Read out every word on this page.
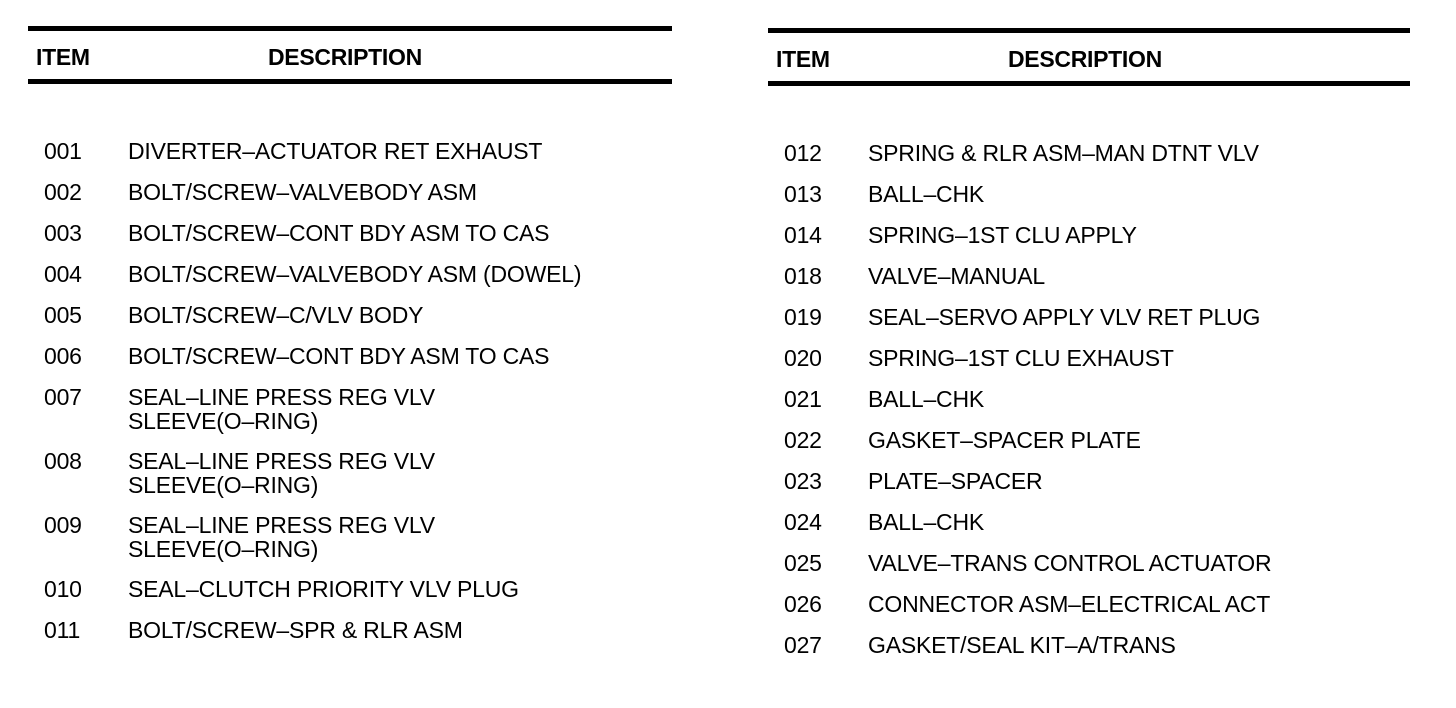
ITEM	DESCRIPTION
001 DIVERTER–ACTUATOR RET EXHAUST
002 BOLT/SCREW–VALVEBODY ASM
003 BOLT/SCREW–CONT BDY ASM TO CAS
004 BOLT/SCREW–VALVEBODY ASM (DOWEL)
005 BOLT/SCREW–C/VLV BODY
006 BOLT/SCREW–CONT BDY ASM TO CAS
007 SEAL–LINE PRESS REG VLV
SLEEVE(O–RING)
008 SEAL–LINE PRESS REG VLV
SLEEVE(O–RING)
009 SEAL–LINE PRESS REG VLV
SLEEVE(O–RING)
010 SEAL–CLUTCH PRIORITY VLV PLUG
011 BOLT/SCREW–SPR & RLR ASM
ITEM	DESCRIPTION
012 SPRING & RLR ASM–MAN DTNT VLV
013 BALL–CHK
014 SPRING–1ST CLU APPLY
018 VALVE–MANUAL
019 SEAL–SERVO APPLY VLV RET PLUG
020 SPRING–1ST CLU EXHAUST
021 BALL–CHK
022 GASKET–SPACER PLATE
023 PLATE–SPACER
024 BALL–CHK
025 VALVE–TRANS CONTROL ACTUATOR
026 CONNECTOR ASM–ELECTRICAL ACT
027 GASKET/SEAL KIT–A/TRANS
